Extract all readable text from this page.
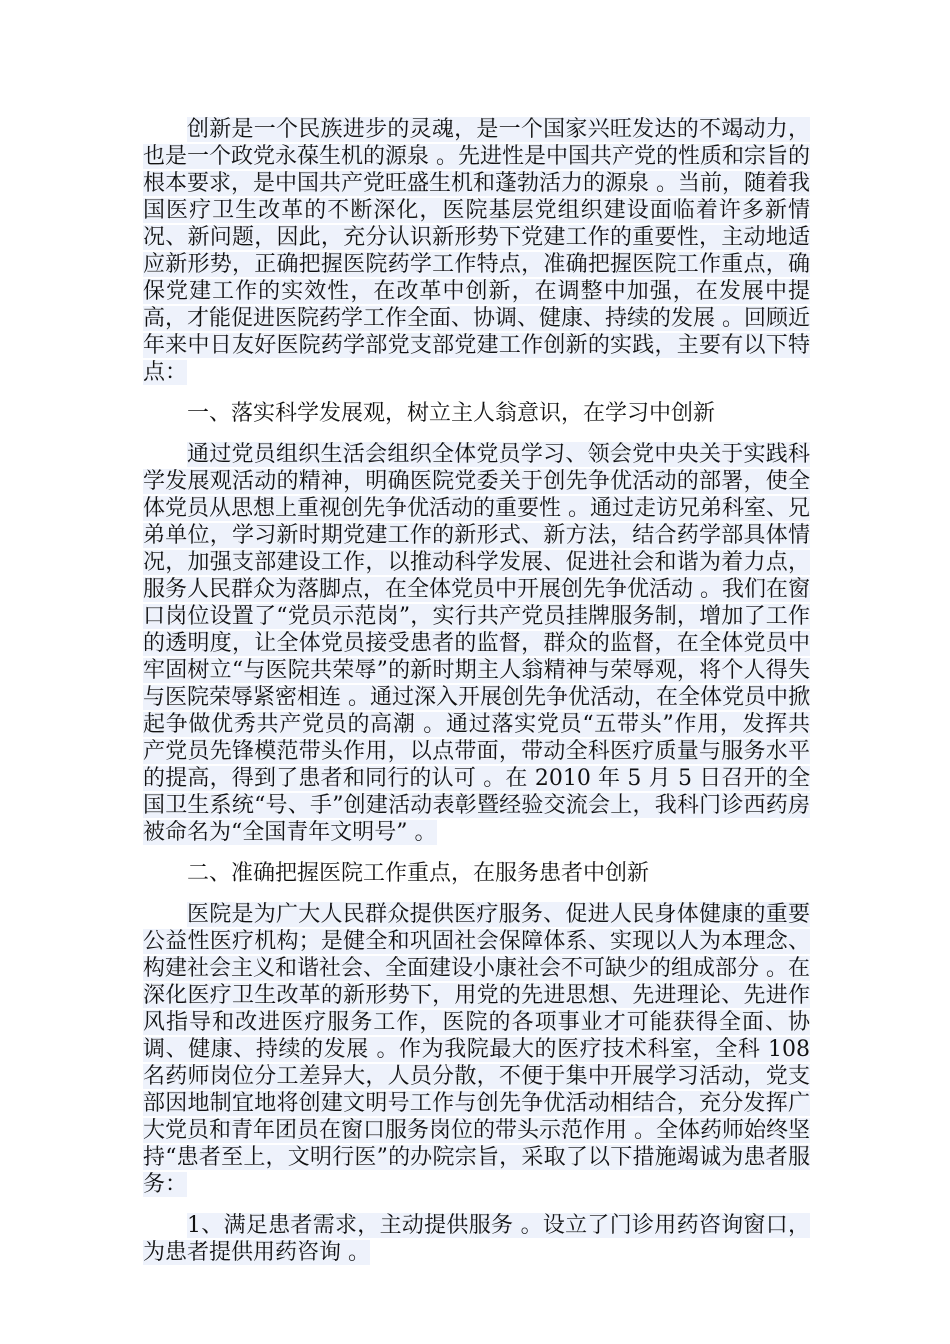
创新是一个民族进步的灵魂，是一个国家兴旺发达的不竭动力，也是一个政党永葆生机的源泉 。先进性是中国共产党的性质和宗旨的根本要求，是中国共产党旺盛生机和蓬勃活力的源泉 。当前，随着我国医疗卫生改革的不断深化，医院基层党组织建设面临着许多新情况、新问题，因此，充分认识新形势下党建工作的重要性，主动地适应新形势，正确把握医院药学工作特点，准确把握医院工作重点，确保党建工作的实效性，在改革中创新，在调整中加强，在发展中提高，才能促进医院药学工作全面、协调、健康、持续的发展 。回顾近年来中日友好医院药学部党支部党建工作创新的实践，主要有以下特点：

一、落实科学发展观，树立主人翁意识，在学习中创新

通过党员组织生活会组织全体党员学习、领会党中央关于实践科学发展观活动的精神，明确医院党委关于创先争优活动的部署，使全体党员从思想上重视创先争优活动的重要性 。通过走访兄弟科室、兄弟单位，学习新时期党建工作的新形式、新方法，结合药学部具体情况，加强支部建设工作，以推动科学发展、促进社会和谐为着力点，服务人民群众为落脚点，在全体党员中开展创先争优活动 。我们在窗口岗位设置了“党员示范岗”，实行共产党员挂牌服务制，增加了工作的透明度，让全体党员接受患者的监督，群众的监督，在全体党员中牢固树立“与医院共荣辱”的新时期主人翁精神与荣辱观，将个人得失与医院荣辱紧密相连 。通过深入开展创先争优活动，在全体党员中掀起争做优秀共产党员的高潮 。通过落实党员“五带头”作用，发挥共产党员先锋模范带头作用，以点带面，带动全科医疗质量与服务水平的提高，得到了患者和同行的认可 。在 2010 年 5 月 5 日召开的全国卫生系统“号、手”创建活动表彰暨经验交流会上，我科门诊西药房被命名为“全国青年文明号” 。

二、准确把握医院工作重点，在服务患者中创新

医院是为广大人民群众提供医疗服务、促进人民身体健康的重要公益性医疗机构；是健全和巩固社会保障体系、实现以人为本理念、构建社会主义和谐社会、全面建设小康社会不可缺少的组成部分 。在深化医疗卫生改革的新形势下，用党的先进思想、先进理论、先进作风指导和改进医疗服务工作，医院的各项事业才可能获得全面、协调、健康、持续的发展 。作为我院最大的医疗技术科室，全科 108 名药师岗位分工差异大，人员分散，不便于集中开展学习活动，党支部因地制宜地将创建文明号工作与创先争优活动相结合，充分发挥广大党员和青年团员在窗口服务岗位的带头示范作用 。全体药师始终坚持“患者至上，文明行医”的办院宗旨，采取了以下措施竭诚为患者服务：

1、满足患者需求，主动提供服务 。设立了门诊用药咨询窗口，为患者提供用药咨询 。
